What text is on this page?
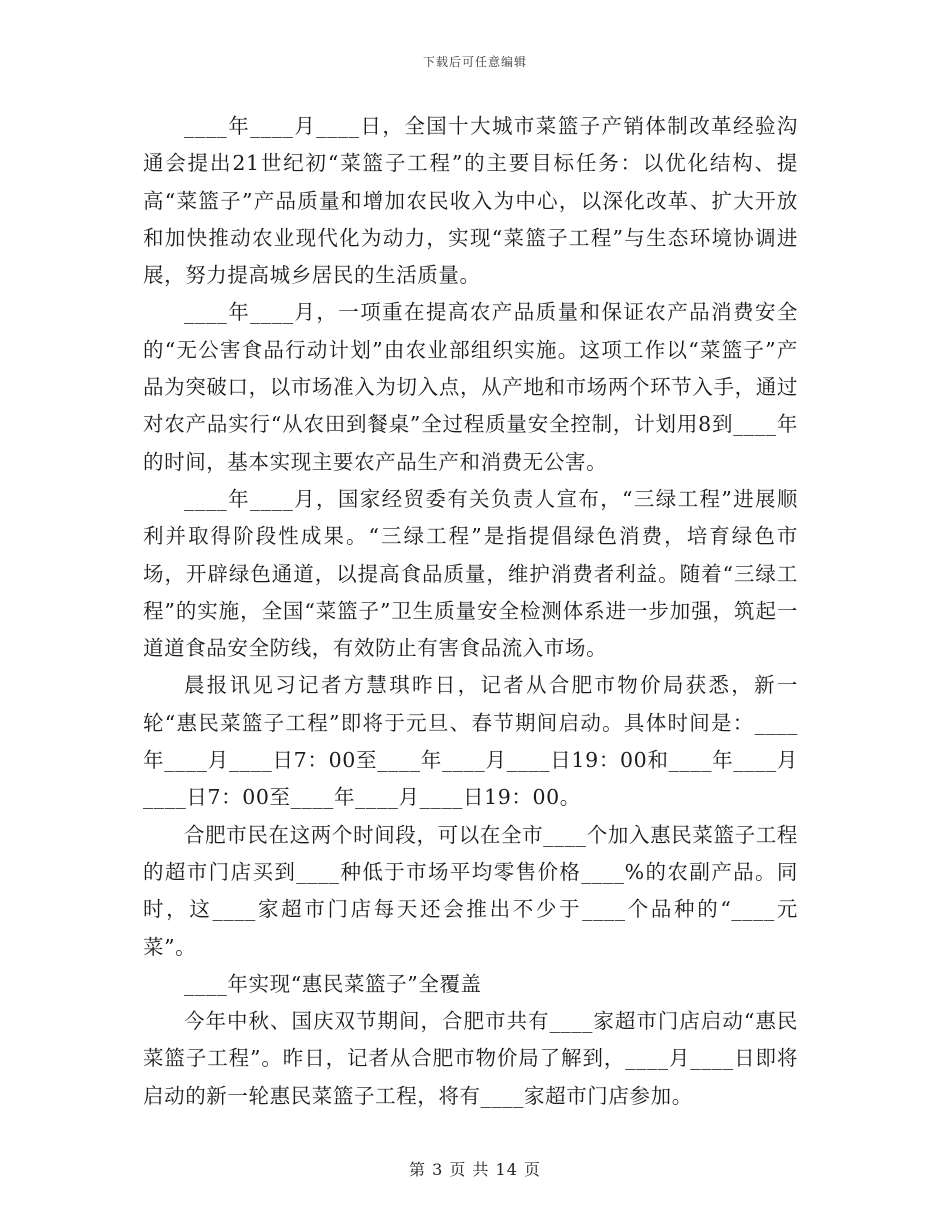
下载后可任意编辑

____年____月____日，全国十大城市菜篮子产销体制改革经验沟通会提出21世纪初“菜篮子工程”的主要目标任务：以优化结构、提高“菜篮子”产品质量和增加农民收入为中心，以深化改革、扩大开放和加快推动农业现代化为动力，实现“菜篮子工程”与生态环境协调进展，努力提高城乡居民的生活质量。

____年____月，一项重在提高农产品质量和保证农产品消费安全的“无公害食品行动计划”由农业部组织实施。这项工作以“菜篮子”产品为突破口，以市场准入为切入点，从产地和市场两个环节入手，通过对农产品实行“从农田到餐桌”全过程质量安全控制，计划用8到____年的时间，基本实现主要农产品生产和消费无公害。

____年____月，国家经贸委有关负责人宣布，“三绿工程”进展顺利并取得阶段性成果。“三绿工程”是指提倡绿色消费，培育绿色市场，开辟绿色通道，以提高食品质量，维护消费者利益。随着“三绿工程”的实施，全国“菜篮子”卫生质量安全检测体系进一步加强，筑起一道道食品安全防线，有效防止有害食品流入市场。

晨报讯见习记者方慧琪昨日，记者从合肥市物价局获悉，新一轮“惠民菜篮子工程”即将于元旦、春节期间启动。具体时间是：____年____月____日7：00至____年____月____日19：00和____年____月____日7：00至____年____月____日19：00。

合肥市民在这两个时间段，可以在全市____个加入惠民菜篮子工程的超市门店买到____种低于市场平均零售价格____%的农副产品。同时，这____家超市门店每天还会推出不少于____个品种的“____元菜”。

____年实现“惠民菜篮子”全覆盖

今年中秋、国庆双节期间，合肥市共有____家超市门店启动“惠民菜篮子工程”。昨日，记者从合肥市物价局了解到，____月____日即将启动的新一轮惠民菜篮子工程，将有____家超市门店参加。

第 3 页 共 14 页
